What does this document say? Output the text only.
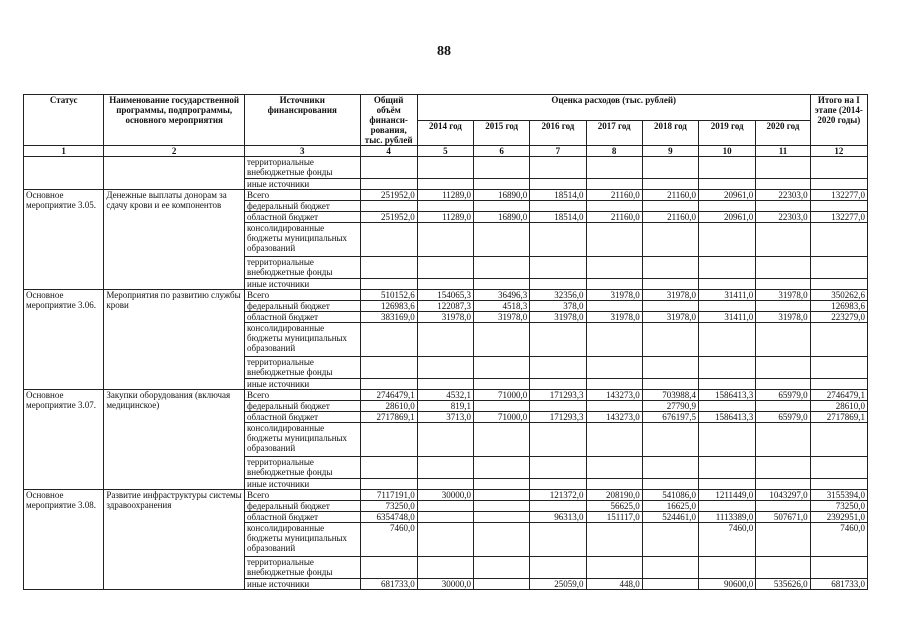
88
Статус	Наименование государственной программы, подпрограммы, основного мероприятия	Источники финансирования	Общий объём финанси- рования, тыс. рублей	Оценка расходов (тыс. рублей)							Итого на I этапе (2014-2020 годы)
				2014 год	2015 год	2016 год	2017 год	2018 год	2019 год	2020 год	
1	2	3	4	5	6	7	8	9	10	11	12
		территориальные внебюджетные фонды									
		иные источники									
Основное мероприятие 3.05.	Денежные выплаты донорам за сдачу крови и ее компонентов	Всего	251952,0	11289,0	16890,0	18514,0	21160,0	21160,0	20961,0	22303,0	132277,0
		федеральный бюджет									
		областной бюджет	251952,0	11289,0	16890,0	18514,0	21160,0	21160,0	20961,0	22303,0	132277,0
		консолидированные бюджеты муниципальных образований									
		территориальные внебюджетные фонды									
		иные источники									
Основное мероприятие 3.06.	Мероприятия по развитию службы крови	Всего	510152,6	154065,3	36496,3	32356,0	31978,0	31978,0	31411,0	31978,0	350262,6
		федеральный бюджет	126983,6	122087,3	4518,3	378,0					126983,6
		областной бюджет	383169,0	31978,0	31978,0	31978,0	31978,0	31978,0	31411,0	31978,0	223279,0
		консолидированные бюджеты муниципальных образований									
		территориальные внебюджетные фонды									
		иные источники									
Основное мероприятие 3.07.	Закупки оборудования (включая медицинское)	Всего	2746479,1	4532,1	71000,0	171293,3	143273,0	703988,4	1586413,3	65979,0	2746479,1
		федеральный бюджет	28610,0	819,1				27790,9			28610,0
		областной бюджет	2717869,1	3713,0	71000,0	171293,3	143273,0	676197,5	1586413,3	65979,0	2717869,1
		консолидированные бюджеты муниципальных образований									
		территориальные внебюджетные фонды									
		иные источники									
Основное мероприятие 3.08.	Развитие инфраструктуры системы здравоохранения	Всего	7117191,0	30000,0		121372,0	208190,0	541086,0	1211449,0	1043297,0	3155394,0
		федеральный бюджет	73250,0				56625,0	16625,0			73250,0
		областной бюджет	6354748,0			96313,0	151117,0	524461,0	1113389,0	507671,0	2392951,0
		консолидированные бюджеты муниципальных образований	7460,0						7460,0		7460,0
		территориальные внебюджетные фонды									
		иные источники	681733,0	30000,0		25059,0	448,0		90600,0	535626,0	681733,0
